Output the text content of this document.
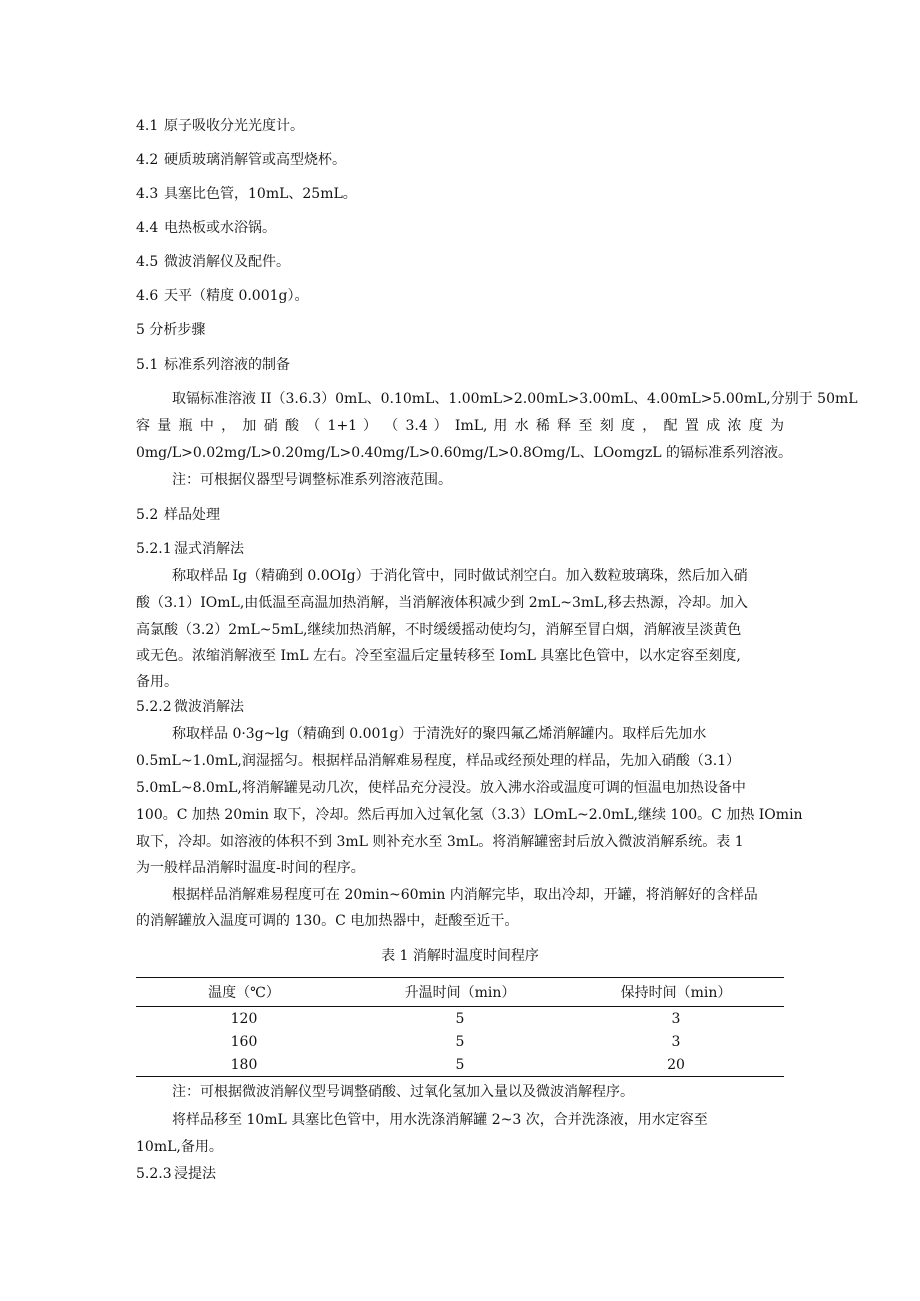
4.1 原子吸收分光光度计。
4.2 硬质玻璃消解管或高型烧杯。
4.3 具塞比色管，10mL、25mL。
4.4 电热板或水浴锅。
4.5 微波消解仪及配件。
4.6 天平（精度 0.001g）。
5 分析步骤
5.1 标准系列溶液的制备
取镉标准溶液 II（3.6.3）0mL、0.10mL、1.00mL>2.00mL>3.00mL、4.00mL>5.00mL,分别于 50mL
容 量 瓶 中 ， 加 硝 酸 （ 1+1 ） （ 3.4 ） ImL, 用 水 稀 释 至 刻 度 ， 配 置 成 浓 度 为
0mg/L>0.02mg/L>0.20mg/L>0.40mg/L>0.60mg/L>0.8Omg/L、LOomgzL 的镉标准系列溶液。
注：可根据仪器型号调整标准系列溶液范围。
5.2 样品处理
5.2.1 湿式消解法
称取样品 Ig（精确到 0.0OIg）于消化管中，同时做试剂空白。加入数粒玻璃珠，然后加入硝
酸（3.1）IOmL,由低温至高温加热消解，当消解液体积减少到 2mL~3mL,移去热源，冷却。加入
高氯酸（3.2）2mL~5mL,继续加热消解，不时缓缓摇动使均匀，消解至冒白烟，消解液呈淡黄色
或无色。浓缩消解液至 ImL 左右。冷至室温后定量转移至 IomL 具塞比色管中，以水定容至刻度,
备用。
5.2.2 微波消解法
称取样品 0·3g~lg（精确到 0.001g）于清洗好的聚四氟乙烯消解罐内。取样后先加水
0.5mL~1.0mL,润湿摇匀。根据样品消解难易程度，样品或经预处理的样品，先加入硝酸（3.1）
5.0mL~8.0mL,将消解罐晃动几次，使样品充分浸没。放入沸水浴或温度可调的恒温电加热设备中
100。C 加热 20min 取下，冷却。然后再加入过氧化氢（3.3）LOmL~2.0mL,继续 100。C 加热 IOmin
取下，冷却。如溶液的体积不到 3mL 则补充水至 3mL。将消解罐密封后放入微波消解系统。表 1
为一般样品消解时温度-时间的程序。
根据样品消解难易程度可在 20min~60min 内消解完毕，取出冷却，开罐，将消解好的含样品
的消解罐放入温度可调的 130。C 电加热器中，赶酸至近干。
表 1 消解时温度时间程序
温度（℃）	升温时间（min）	保持时间（min）
120	5	3
160	5	3
180	5	20
注：可根据微波消解仪型号调整硝酸、过氧化氢加入量以及微波消解程序。
将样品移至 10mL 具塞比色管中，用水洗涤消解罐 2~3 次，合并洗涤液，用水定容至
10mL,备用。
5.2.3 浸提法
